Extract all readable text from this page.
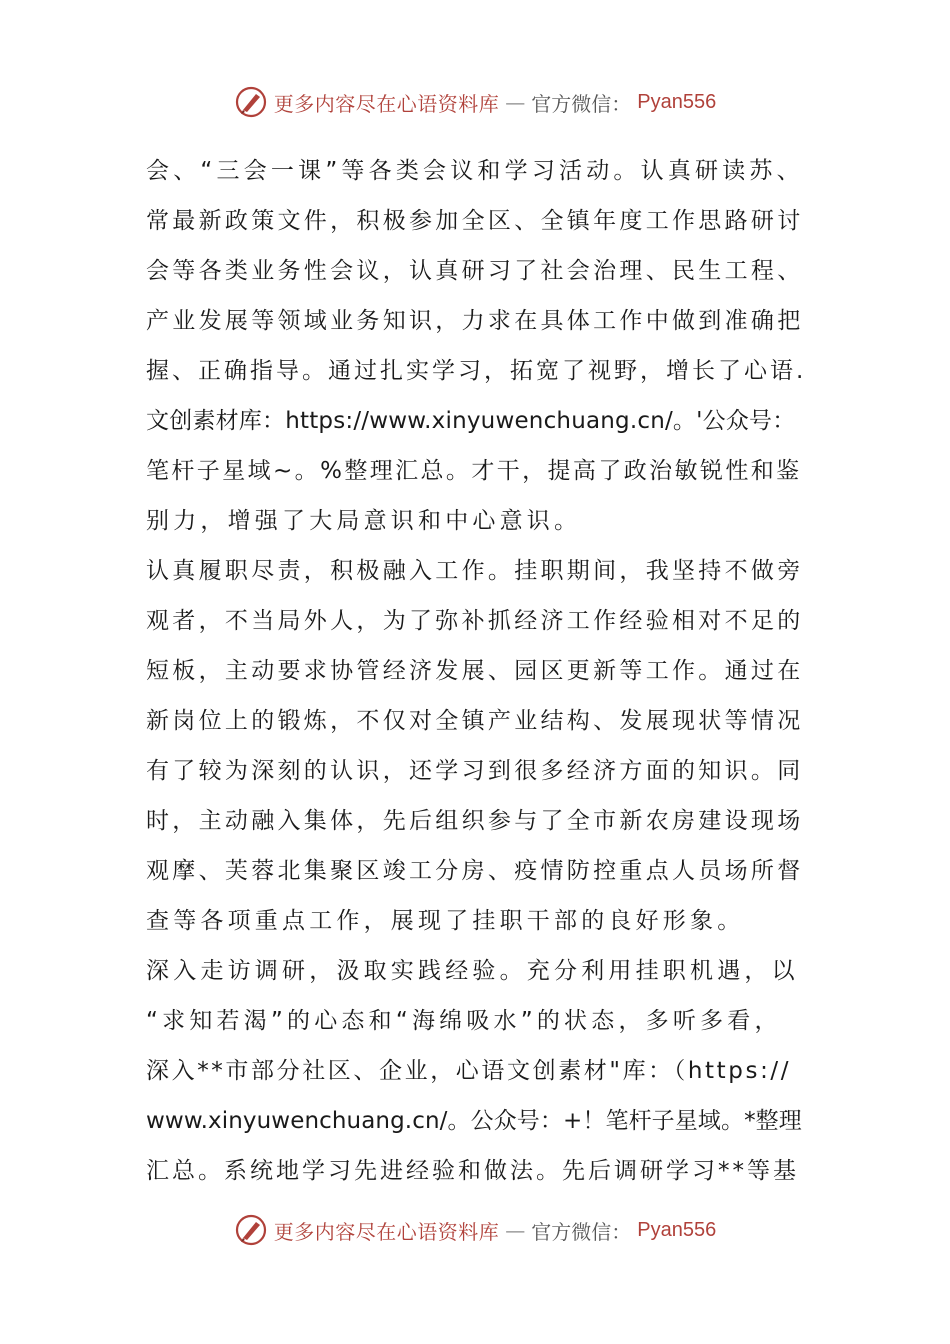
更多内容尽在心语资料库 — 官方微信： Pyan556
会、“三会一课”等各类会议和学习活动。认真研读苏、
常最新政策文件，积极参加全区、全镇年度工作思路研讨
会等各类业务性会议，认真研习了社会治理、民生工程、
产业发展等领域业务知识，力求在具体工作中做到准确把
握、正确指导。通过扎实学习，拓宽了视野，增长了心语.
文创素材库：https://www.xinyuwenchuang.cn/。'公众号：
笔杆子星域~。%整理汇总。才干，提高了政治敏锐性和鉴
别力，增强了大局意识和中心意识。
认真履职尽责，积极融入工作。挂职期间，我坚持不做旁
观者，不当局外人，为了弥补抓经济工作经验相对不足的
短板，主动要求协管经济发展、园区更新等工作。通过在
新岗位上的锻炼，不仅对全镇产业结构、发展现状等情况
有了较为深刻的认识，还学习到很多经济方面的知识。同
时，主动融入集体，先后组织参与了全市新农房建设现场
观摩、芙蓉北集聚区竣工分房、疫情防控重点人员场所督
查等各项重点工作，展现了挂职干部的良好形象。
深入走访调研，汲取实践经验。充分利用挂职机遇，以
“求知若渴”的心态和“海绵吸水”的状态，多听多看，
深入**市部分社区、企业，心语文创素材"库：（https://
www.xinyuwenchuang.cn/。公众号：+！笔杆子星域。*整理
汇总。系统地学习先进经验和做法。先后调研学习**等基
更多内容尽在心语资料库 — 官方微信： Pyan556
